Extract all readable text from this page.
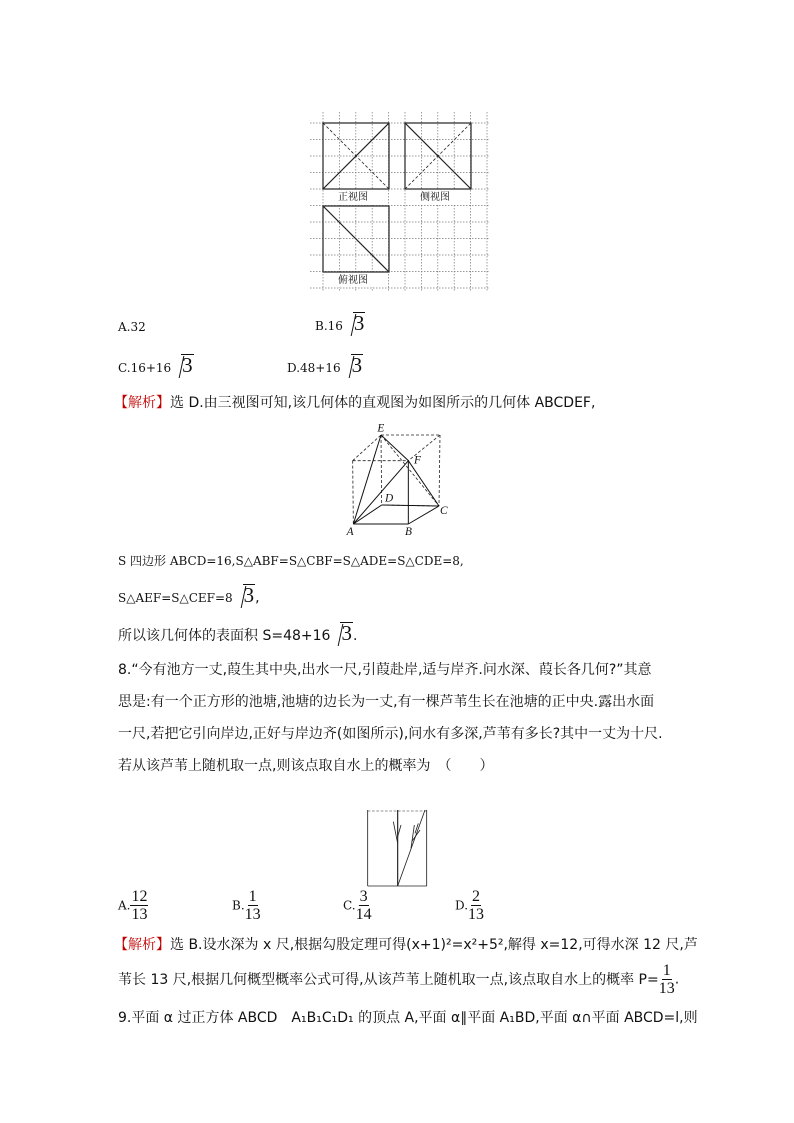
正视图	侧视图
俯视图
A.32	B.16 3
C.16+16 3	D.48+16 3
【解析】选 D.由三视图可知,该几何体的直观图为如图所示的几何体 ABCDEF,
E
F
D
C
A B
S 四边形 ABCD=16,S△ABF=S△CBF=S△ADE=S△CDE=8,
S△AEF=S△CEF=8 3,
所以该几何体的表面积 S=48+16 3.
8.“今有池方一丈,葭生其中央,出水一尺,引葭赴岸,适与岸齐.问水深、葭长各几何?”其意
思是:有一个正方形的池塘,池塘的边长为一丈,有一棵芦苇生长在池塘的正中央.露出水面
一尺,若把它引向岸边,正好与岸边齐(如图所示),问水有多深,芦苇有多长?其中一丈为十尺.
若从该芦苇上随机取一点,则该点取自水上的概率为　（　　）
A. $\frac{12}{13}$	B. $\frac{1}{13}$	C. $\frac{3}{14}$	D. $\frac{2}{13}$
【解析】选 B.设水深为 x 尺,根据勾股定理可得(x+1)²=x²+5²,解得 x=12,可得水深 12 尺,芦
苇长 13 尺,根据几何概型概率公式可得,从该芦苇上随机取一点,该点取自水上的概率 $P= \frac{1}{13}$ .
9.平面 α 过正方体 ABCD　A₁B₁C₁D₁ 的顶点 A,平面 α∥平面 A₁BD,平面 α∩平面 ABCD=l,则
